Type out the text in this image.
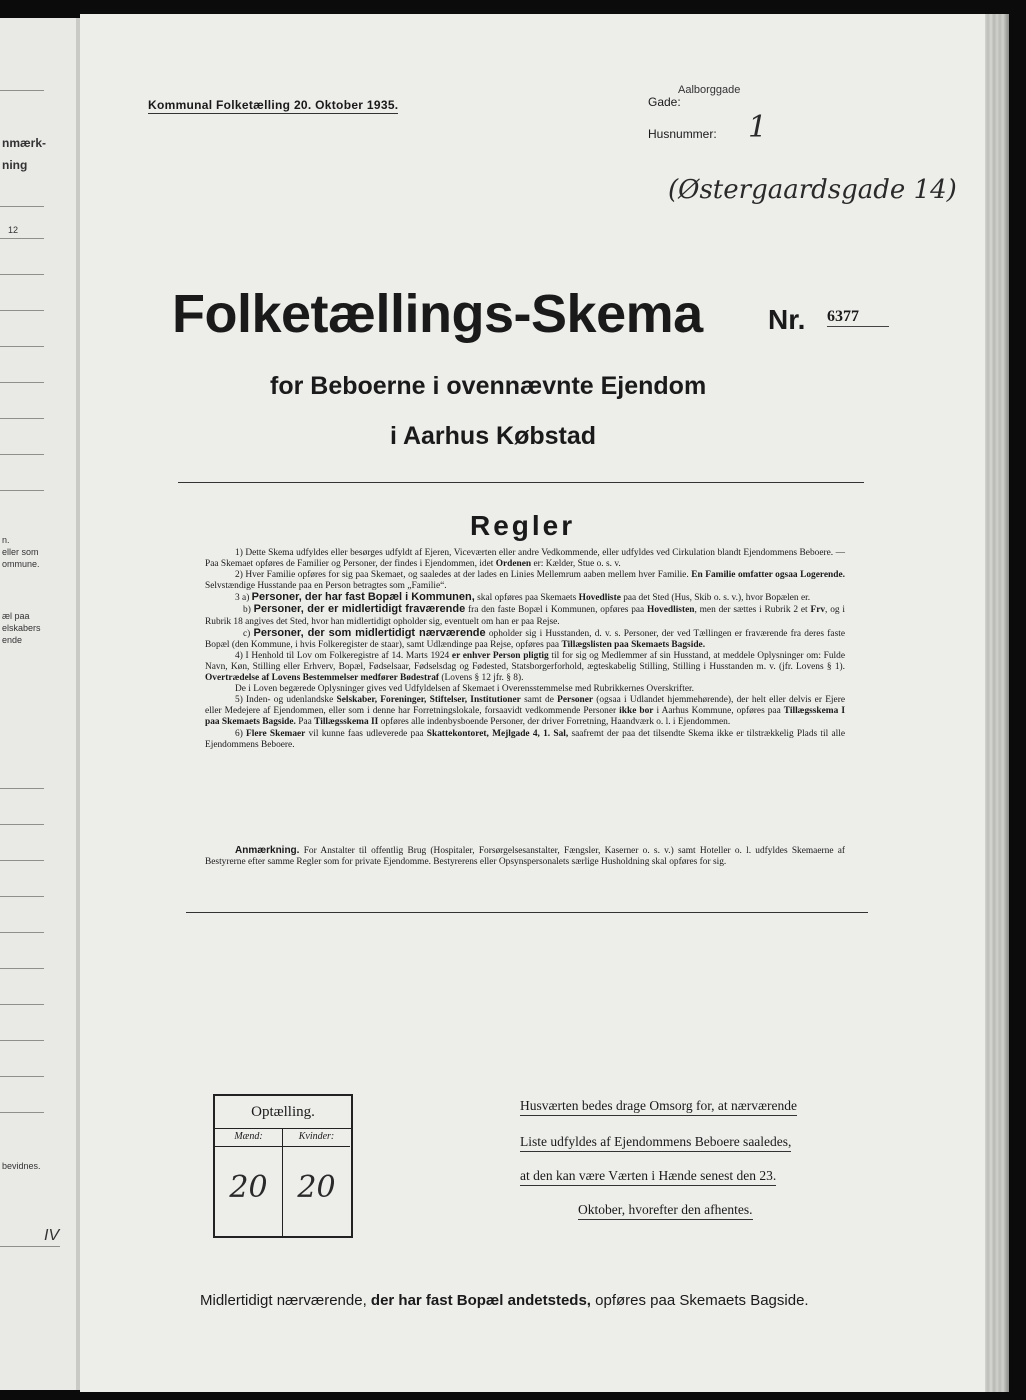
nmærk-
ning
12
n.
eller som
ommune.
æl paa
elskabers
ende
bevidnes.
IV
Kommunal Folketælling 20. Oktober 1935.	Gade:
Aalborggade
Husnummer: 1
(Østergaardsgade 14)
Folketællings-Skema Nr. 6377
for Beboerne i ovennævnte Ejendom
i Aarhus Købstad
Regler

1) Dette Skema udfyldes eller besørges udfyldt af Ejeren, Viceværten eller andre Vedkommende, eller udfyldes ved Cirkulation blandt Ejendommens Beboere. — Paa Skemaet opføres de Familier og Personer, der findes i Ejendommen, idet Ordenen er: Kælder, Stue o. s. v.

2) Hver Familie opføres for sig paa Skemaet, og saaledes at der lades en Linies Mellemrum aaben mellem hver Familie. En Familie omfatter ogsaa Logerende. Selvstændige Husstande paa en Person betragtes som „Familie“.

3 a) Personer, der har fast Bopæl i Kommunen, skal opføres paa Skemaets Hovedliste paa det Sted (Hus, Skib o. s. v.), hvor Bopælen er.

b) Personer, der er midlertidigt fraværende fra den faste Bopæl i Kommunen, opføres paa Hovedlisten, men der sættes i Rubrik 2 et Frv, og i Rubrik 18 angives det Sted, hvor han midlertidigt opholder sig, eventuelt om han er paa Rejse.

c) Personer, der som midlertidigt nærværende opholder sig i Husstanden, d. v. s. Personer, der ved Tællingen er fraværende fra deres faste Bopæl (den Kommune, i hvis Folkeregister de staar), samt Udlændinge paa Rejse, opføres paa Tillægslisten paa Skemaets Bagside.

4) I Henhold til Lov om Folkeregistre af 14. Marts 1924 er enhver Person pligtig til for sig og Medlemmer af sin Husstand, at meddele Oplysninger om: Fulde Navn, Køn, Stilling eller Erhverv, Bopæl, Fødselsaar, Fødselsdag og Fødested, Statsborgerforhold, ægteskabelig Stilling, Stilling i Husstanden m. v. (jfr. Lovens § 1). Overtrædelse af Lovens Bestemmelser medfører Bødestraf (Lovens § 12 jfr. § 8).

De i Loven begærede Oplysninger gives ved Udfyldelsen af Skemaet i Overensstemmelse med Rubrikkernes Overskrifter.

5) Inden- og udenlandske Selskaber, Foreninger, Stiftelser, Institutioner samt de Personer (ogsaa i Udlandet hjemmehørende), der helt eller delvis er Ejere eller Medejere af Ejendommen, eller som i denne har Forretningslokale, forsaavidt vedkommende Personer ikke bor i Aarhus Kommune, opføres paa Tillægsskema I paa Skemaets Bagside. Paa Tillægsskema II opføres alle indenbysboende Personer, der driver Forretning, Haandværk o. l. i Ejendommen.

6) Flere Skemaer vil kunne faas udleverede paa Skattekontoret, Mejlgade 4, 1. Sal, saafremt der paa det tilsendte Skema ikke er tilstrækkelig Plads til alle Ejendommens Beboere.

Anmærkning. For Anstalter til offentlig Brug (Hospitaler, Forsørgelsesanstalter, Fængsler, Kaserner o. s. v.) samt Hoteller o. l. udfyldes Skemaerne af Bestyrerne efter samme Regler som for private Ejendomme. Bestyrerens eller Opsynspersonalets særlige Husholdning skal opføres for sig.
Optælling.
Mænd:
20
Kvinder:
20
Husværten bedes drage Omsorg for, at nærværende
Liste udfyldes af Ejendommens Beboere saaledes,
at den kan være Værten i Hænde senest den 23.
Oktober, hvorefter den afhentes.
Midlertidigt nærværende, der har fast Bopæl andetsteds, opføres paa Skemaets Bagside.
